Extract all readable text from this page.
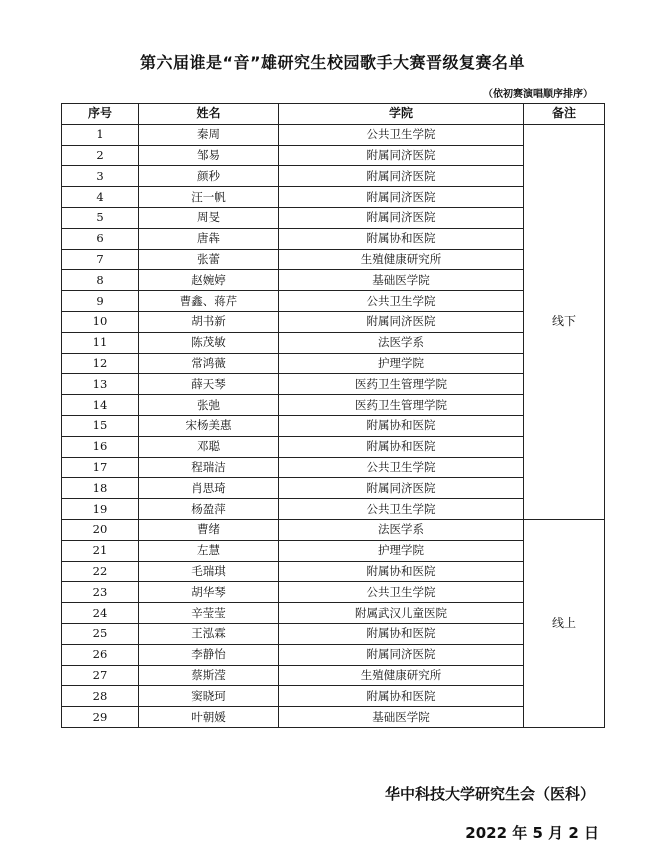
第六届谁是“音”雄研究生校园歌手大赛晋级复赛名单
（依初赛演唱顺序排序）
序号	姓名	学院	备注
1	秦周	公共卫生学院	线下
2	邹易	附属同济医院	
3	颜秒	附属同济医院	
4	汪一帆	附属同济医院	
5	周旻	附属同济医院	
6	唐犇	附属协和医院	
7	张蕾	生殖健康研究所	
8	赵婉婷	基础医学院	
9	曹鑫、蒋芹	公共卫生学院	
10	胡书新	附属同济医院	
11	陈茂敏	法医学系	
12	常鸿薇	护理学院	
13	薛天琴	医药卫生管理学院	
14	张弛	医药卫生管理学院	
15	宋杨美惠	附属协和医院	
16	邓聪	附属协和医院	
17	程瑞洁	公共卫生学院	
18	肖思琦	附属同济医院	
19	杨盈萍	公共卫生学院	
20	曹绪	法医学系	线上
21	左慧	护理学院	
22	毛瑞琪	附属协和医院	
23	胡华琴	公共卫生学院	
24	辛莹莹	附属武汉儿童医院	
25	王泓霖	附属协和医院	
26	李静怡	附属同济医院	
27	蔡斯滢	生殖健康研究所	
28	窦晓珂	附属协和医院	
29	叶朝媛	基础医学院	
华中科技大学研究生会（医科）
2022 年 5 月 2 日
